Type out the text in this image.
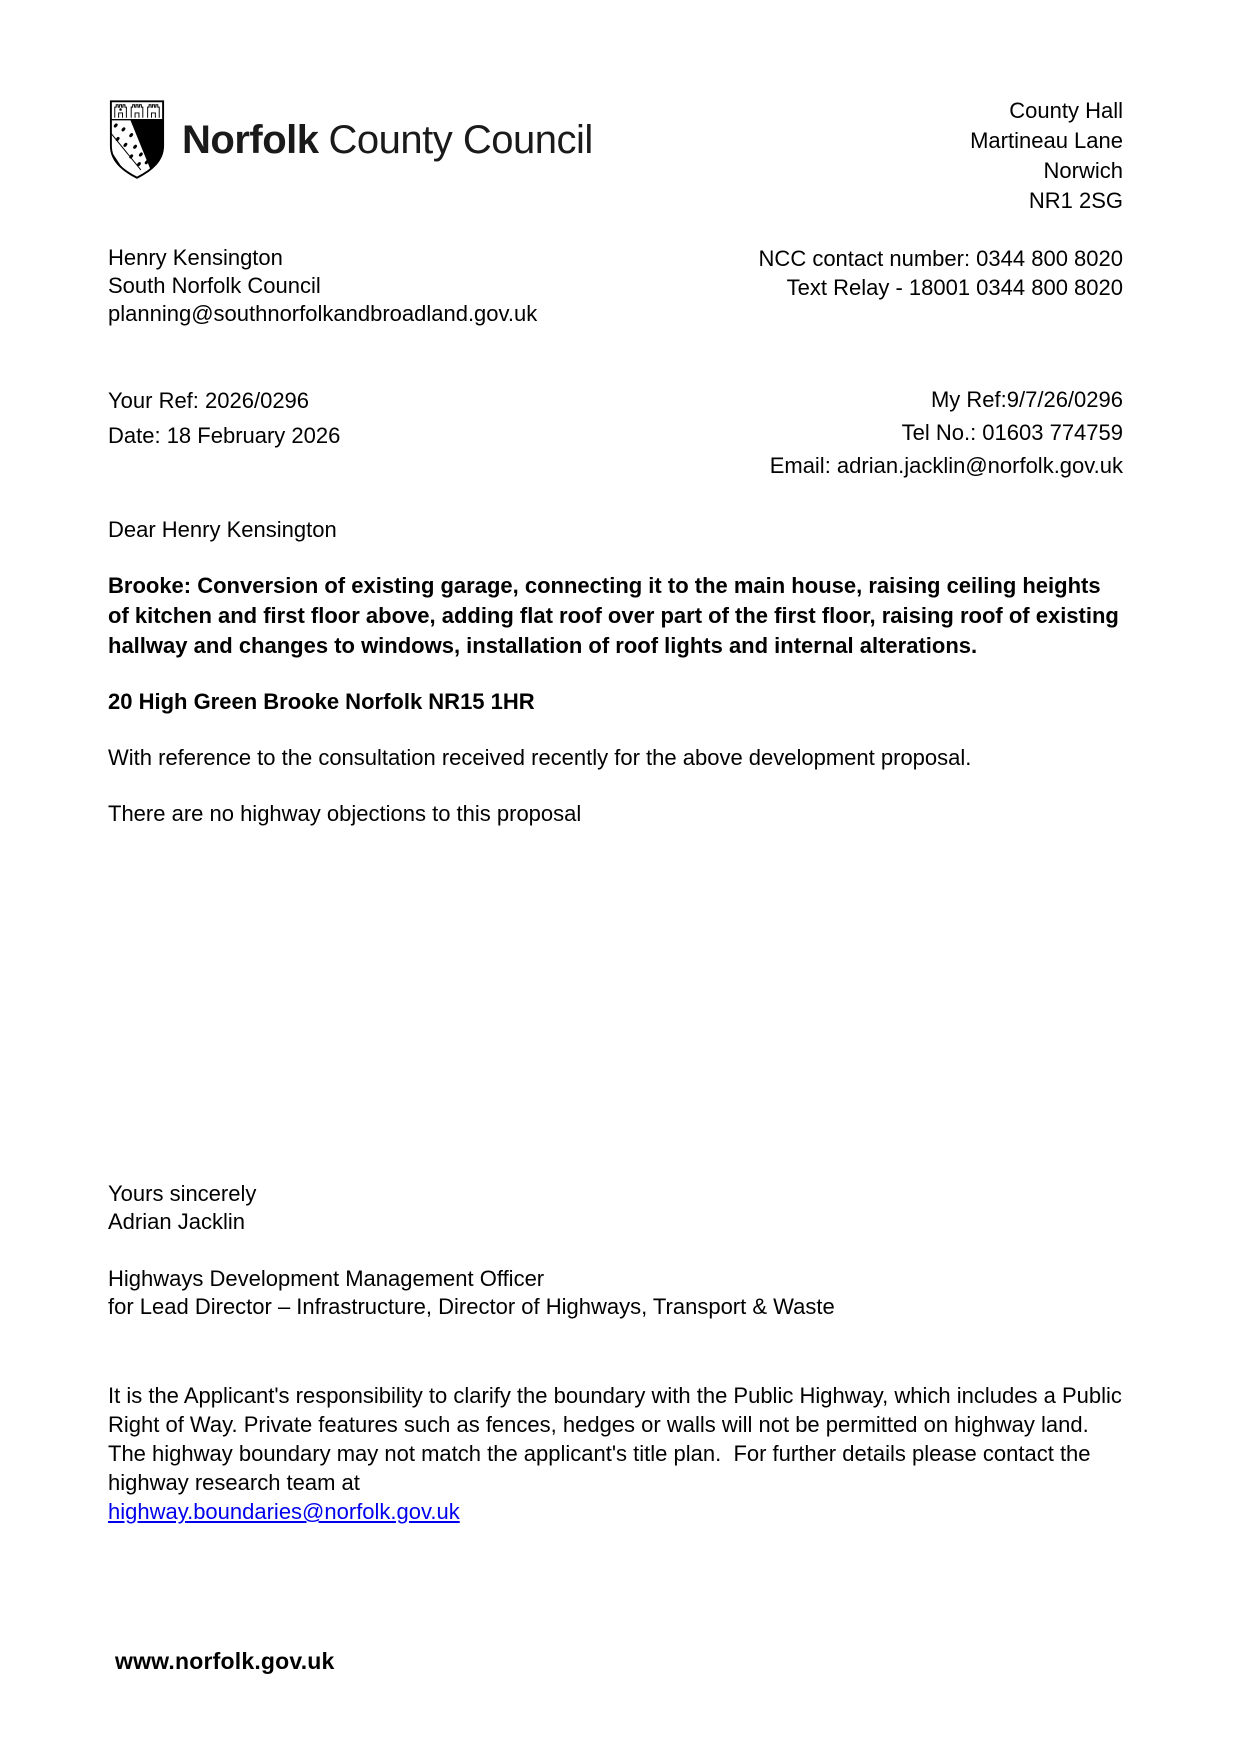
Norfolk County Council
County Hall
Martineau Lane
Norwich
NR1 2SG
Henry Kensington
South Norfolk Council
planning@southnorfolkandbroadland.gov.uk
NCC contact number: 0344 800 8020
Text Relay - 18001 0344 800 8020
Your Ref: 2026/0296
Date: 18 February 2026
My Ref:9/7/26/0296
Tel No.: 01603 774759
Email: adrian.jacklin@norfolk.gov.uk

Dear Henry Kensington

Brooke: Conversion of existing garage, connecting it to the main house, raising ceiling heights of kitchen and first floor above, adding flat roof over part of the first floor, raising roof of existing hallway and changes to windows, installation of roof lights and internal alterations.

20 High Green Brooke Norfolk NR15 1HR

With reference to the consultation received recently for the above development proposal.

There are no highway objections to this proposal

Yours sincerely
Adrian Jacklin
Highways Development Management Officer
for Lead Director – Infrastructure, Director of Highways, Transport & Waste

It is the Applicant's responsibility to clarify the boundary with the Public Highway, which includes a Public Right of Way. Private features such as fences, hedges or walls will not be permitted on highway land. The highway boundary may not match the applicant's title plan.  For further details please contact the highway research team at

highway.boundaries@norfolk.gov.uk
www.norfolk.gov.uk
